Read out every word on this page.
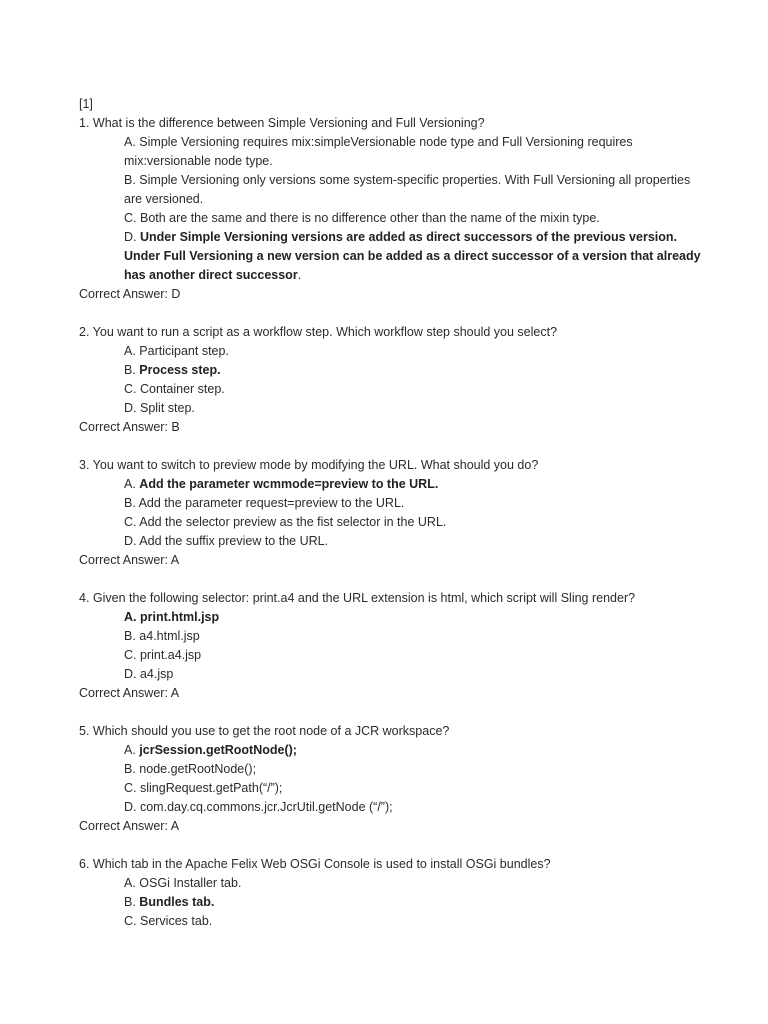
[1]

1. What is the difference between Simple Versioning and Full Versioning?

A. Simple Versioning requires mix:simpleVersionable node type and Full Versioning requires

mix:versionable node type.

B. Simple Versioning only versions some system-specific properties. With Full Versioning all properties

are versioned.

C. Both are the same and there is no difference other than the name of the mixin type.

D. Under Simple Versioning versions are added as direct successors of the previous version.

Under Full Versioning a new version can be added as a direct successor of a version that already

has another direct successor.

Correct Answer: D

2. You want to run a script as a workflow step. Which workflow step should you select?

A. Participant step.

B. Process step.

C. Container step.

D. Split step.

Correct Answer: B

3. You want to switch to preview mode by modifying the URL. What should you do?

A. Add the parameter wcmmode=preview to the URL.

B. Add the parameter request=preview to the URL.

C. Add the selector preview as the fist selector in the URL.

D. Add the suffix preview to the URL.

Correct Answer: A

4. Given the following selector: print.a4 and the URL extension is html, which script will Sling render?

A. print.html.jsp

B. a4.html.jsp

C. print.a4.jsp

D. a4.jsp

Correct Answer: A

5. Which should you use to get the root node of a JCR workspace?

A. jcrSession.getRootNode();

B. node.getRootNode();

C. slingRequest.getPath(“/”);

D. com.day.cq.commons.jcr.JcrUtil.getNode (“/”);

Correct Answer: A

6. Which tab in the Apache Felix Web OSGi Console is used to install OSGi bundles?

A. OSGi Installer tab.

B. Bundles tab.

C. Services tab.
